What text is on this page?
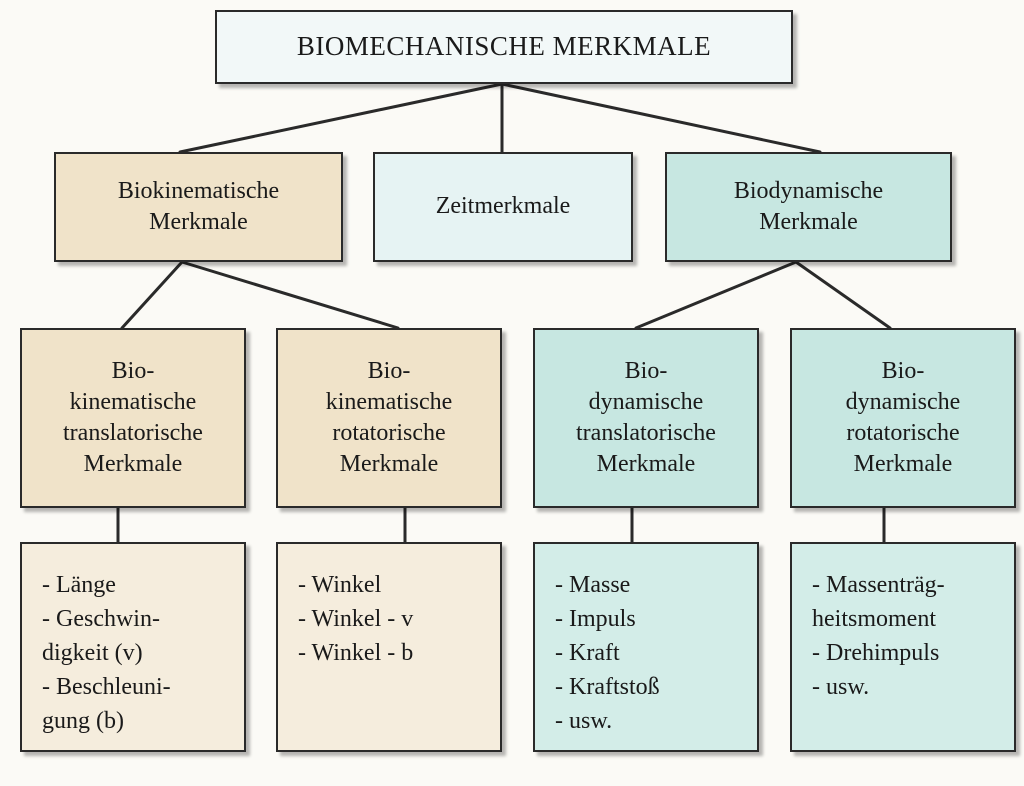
BIOMECHANISCHE MERKMALE
Biokinematische
Merkmale
Zeitmerkmale
Biodynamische
Merkmale
Bio-
kinematische
translatorische
Merkmale
Bio-
kinematische
rotatorische
Merkmale
Bio-
dynamische
translatorische
Merkmale
Bio-
dynamische
rotatorische
Merkmale
- Länge
- Geschwin-
digkeit (v)
- Beschleuni-
gung (b)
- Winkel
- Winkel - v
- Winkel - b
- Masse
- Impuls
- Kraft
- Kraftstoß
- usw.
- Massenträg-
heitsmoment
- Drehimpuls
- usw.
